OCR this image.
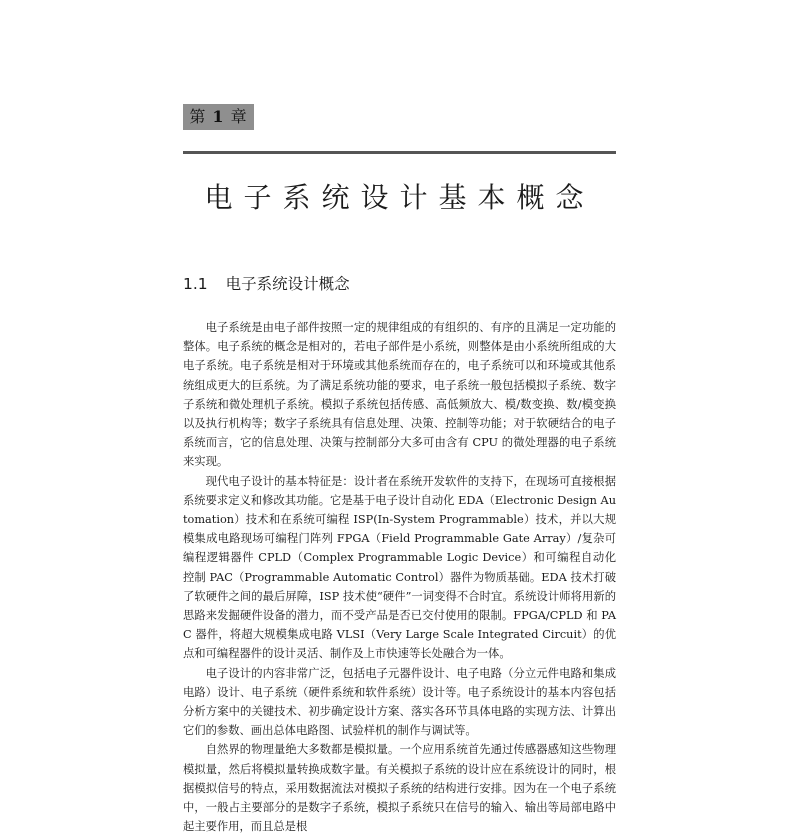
第 1 章
电子系统设计基本概念
1.1 电子系统设计概念

电子系统是由电子部件按照一定的规律组成的有组织的、有序的且满足一定功能的整体。电子系统的概念是相对的，若电子部件是小系统，则整体是由小系统所组成的大电子系统。电子系统是相对于环境或其他系统而存在的，电子系统可以和环境或其他系统组成更大的巨系统。为了满足系统功能的要求，电子系统一般包括模拟子系统、数字子系统和微处理机子系统。模拟子系统包括传感、高低频放大、模/数变换、数/模变换以及执行机构等；数字子系统具有信息处理、决策、控制等功能；对于软硬结合的电子系统而言，它的信息处理、决策与控制部分大多可由含有 CPU 的微处理器的电子系统来实现。

现代电子设计的基本特征是：设计者在系统开发软件的支持下，在现场可直接根据系统要求定义和修改其功能。它是基于电子设计自动化 EDA（Electronic Design Automation）技术和在系统可编程 ISP(In-System Programmable）技术，并以大规模集成电路现场可编程门阵列 FPGA（Field Programmable Gate Array）/复杂可编程逻辑器件 CPLD（Complex Programmable Logic Device）和可编程自动化控制 PAC（Programmable Automatic Control）器件为物质基础。EDA 技术打破了软硬件之间的最后屏障，ISP 技术使“硬件”一词变得不合时宜。系统设计师将用新的思路来发掘硬件设备的潜力，而不受产品是否已交付使用的限制。FPGA/CPLD 和 PAC 器件，将超大规模集成电路 VLSI（Very Large Scale Integrated Circuit）的优点和可编程器件的设计灵活、制作及上市快速等长处融合为一体。

电子设计的内容非常广泛，包括电子元器件设计、电子电路（分立元件电路和集成电路）设计、电子系统（硬件系统和软件系统）设计等。电子系统设计的基本内容包括分析方案中的关键技术、初步确定设计方案、落实各环节具体电路的实现方法、计算出它们的参数、画出总体电路图、试验样机的制作与调试等。

自然界的物理量绝大多数都是模拟量。一个应用系统首先通过传感器感知这些物理模拟量，然后将模拟量转换成数字量。有关模拟子系统的设计应在系统设计的同时，根据模拟信号的特点，采用数据流法对模拟子系统的结构进行安排。因为在一个电子系统中，一般占主要部分的是数字子系统，模拟子系统只在信号的输入、输出等局部电路中起主要作用，而且总是根
